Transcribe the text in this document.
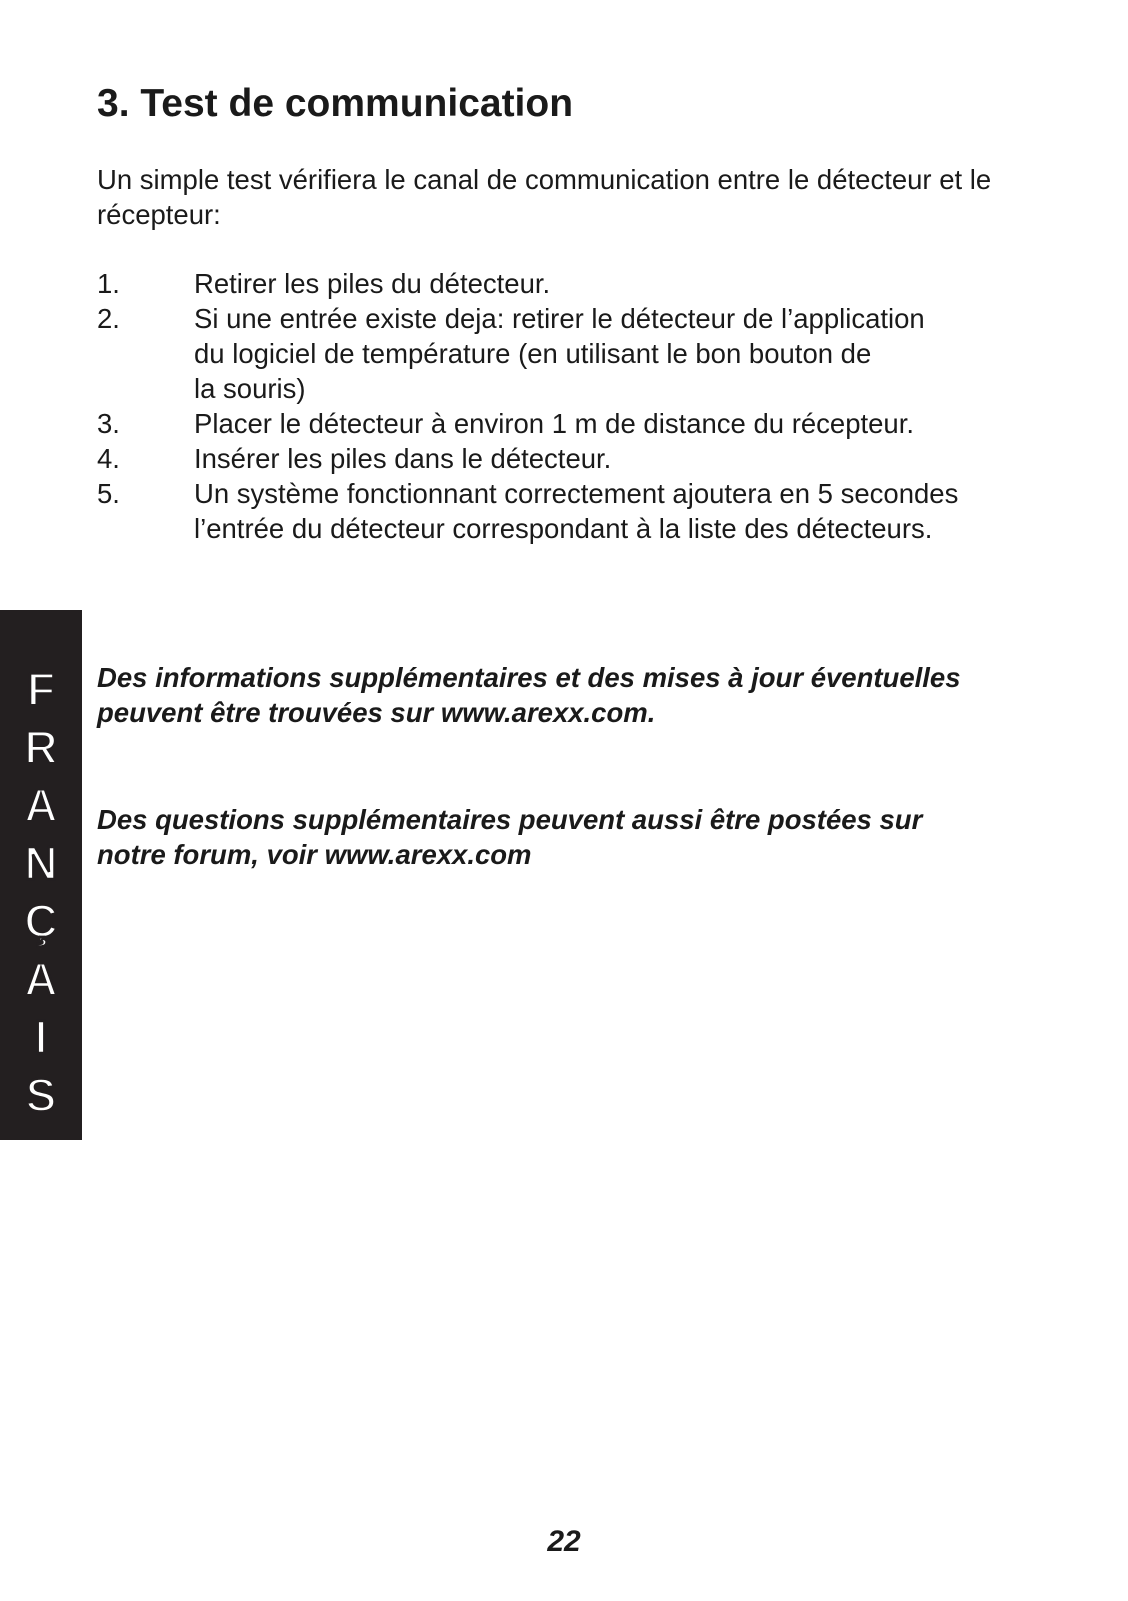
3. Test de communication

Un simple test vérifiera le canal de communication entre le détecteur et le récepteur:

1.	Retirer les piles du détecteur.
2.	Si une entrée existe deja: retirer le détecteur de l’application
du logiciel de température (en utilisant le bon bouton de
la souris)
3.	Placer le détecteur à environ 1 m de distance du récepteur.
4.	Insérer les piles dans le détecteur.
5.	Un système fonctionnant correctement ajoutera en 5 secondes
l’entrée du détecteur correspondant à la liste des détecteurs.
F
R
A
N
Ç
A
I
S

Des informations supplémentaires et des mises à jour éventuelles
peuvent être trouvées sur www.arexx.com.

Des questions supplémentaires peuvent aussi être postées sur
notre forum, voir www.arexx.com

22
